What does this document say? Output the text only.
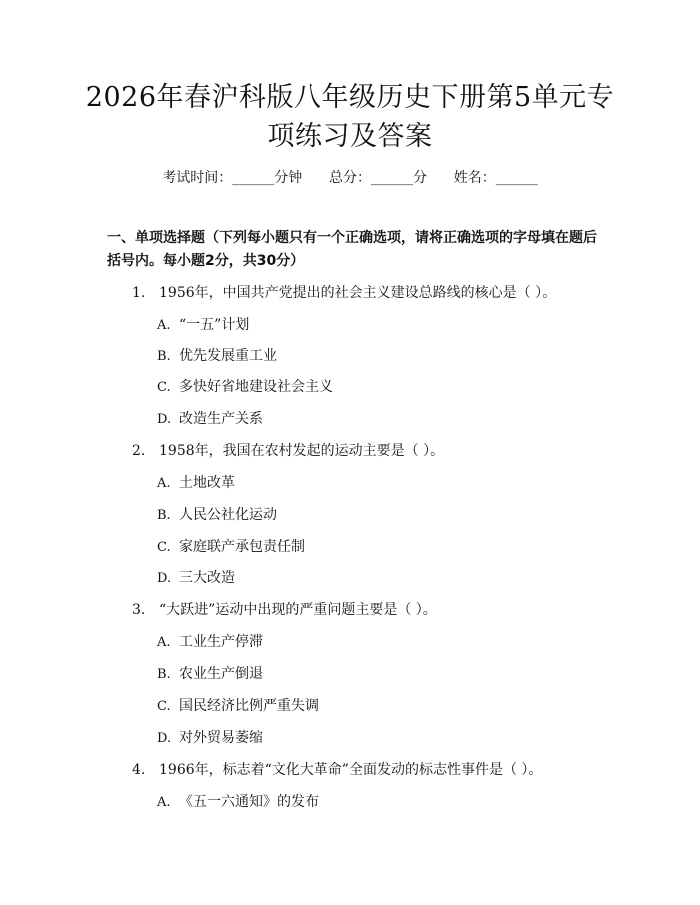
2026年春沪科版八年级历史下册第5单元专
项练习及答案
考试时间：______分钟      总分：______分      姓名：______
一、单项选择题（下列每小题只有一个正确选项，请将正确选项的字母填在题后括号内。每小题2分，共30分）
1. 1956年，中国共产党提出的社会主义建设总路线的核心是（ ）。
A. “一五”计划
B. 优先发展重工业
C. 多快好省地建设社会主义
D. 改造生产关系
2. 1958年，我国在农村发起的运动主要是（ ）。
A. 土地改革
B. 人民公社化运动
C. 家庭联产承包责任制
D. 三大改造
3. “大跃进”运动中出现的严重问题主要是（ ）。
A. 工业生产停滞
B. 农业生产倒退
C. 国民经济比例严重失调
D. 对外贸易萎缩
4. 1966年，标志着“文化大革命”全面发动的标志性事件是（ ）。
A. 《五一六通知》的发布
